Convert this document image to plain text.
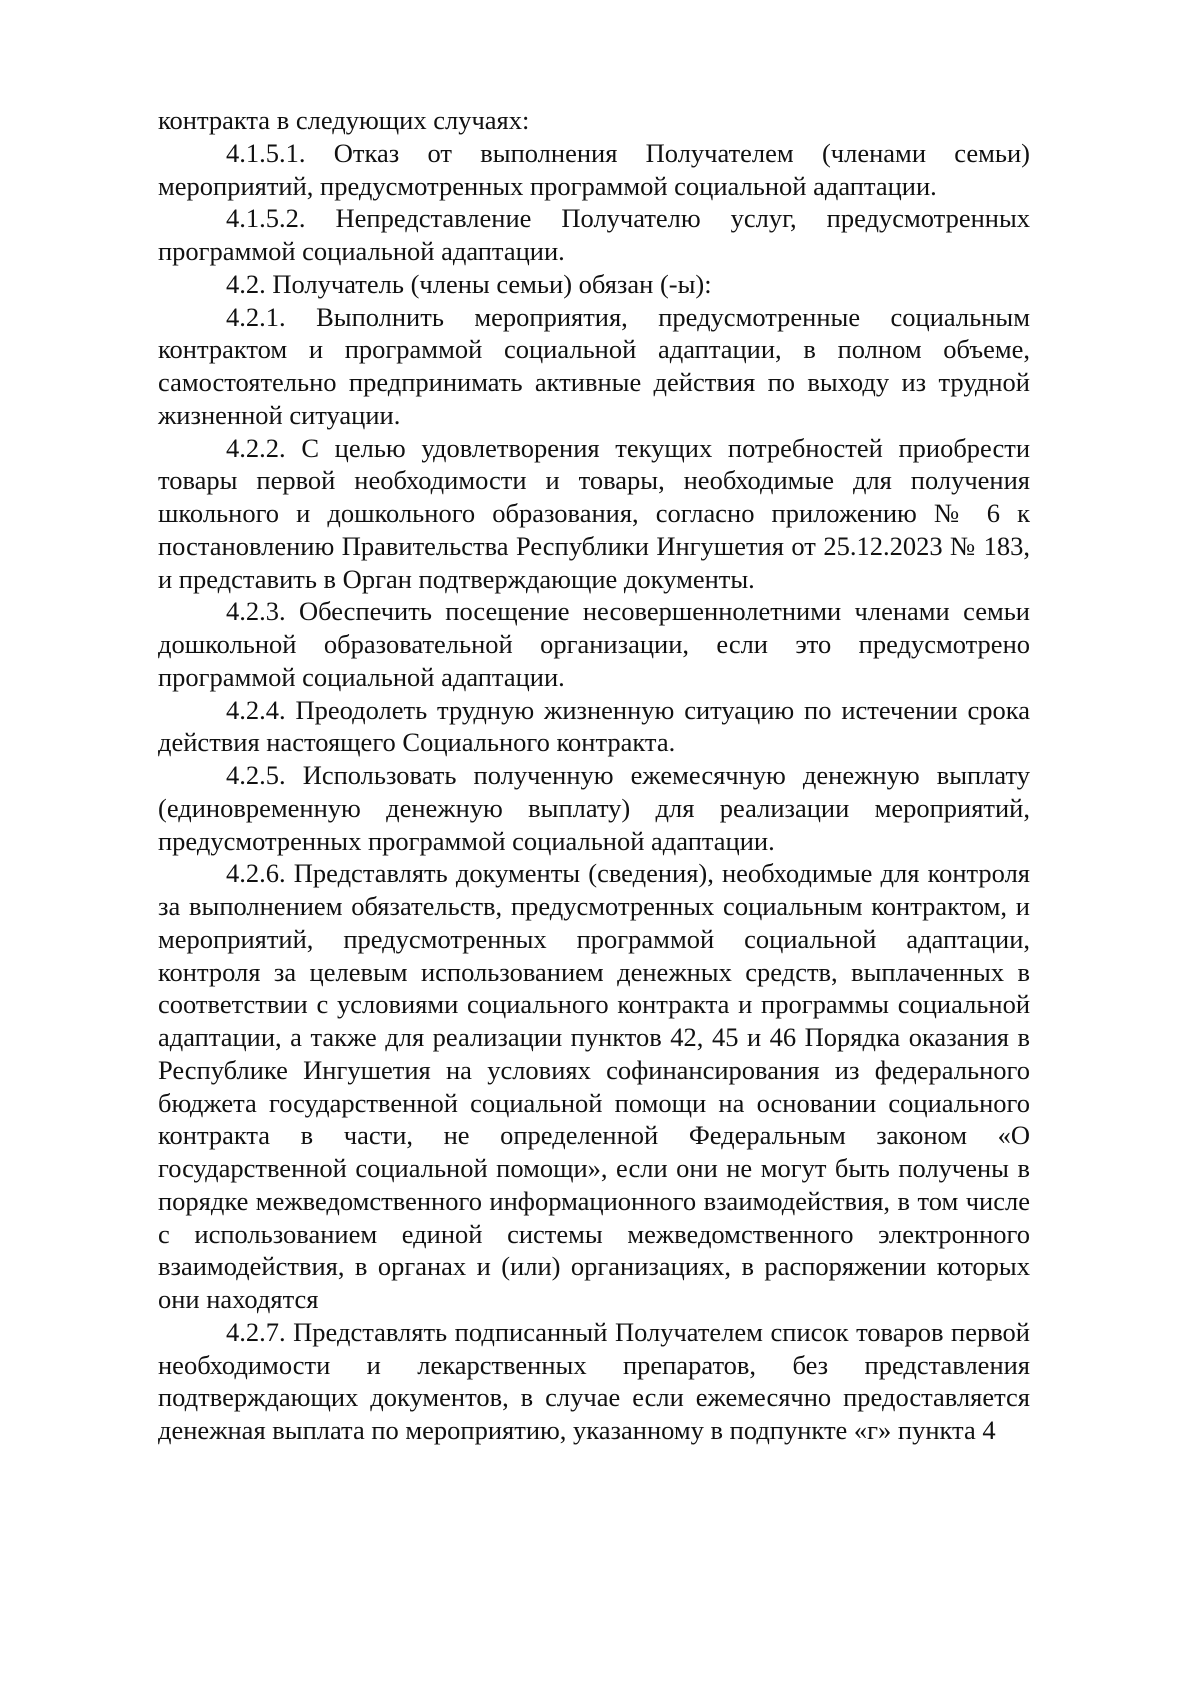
контракта в следующих случаях:

4.1.5.1. Отказ от выполнения Получателем (членами семьи) мероприятий, предусмотренных программой социальной адаптации.

4.1.5.2. Непредставление Получателю услуг, предусмотренных программой социальной адаптации.

4.2. Получатель (члены семьи) обязан (-ы):

4.2.1. Выполнить мероприятия, предусмотренные социальным контрактом и программой социальной адаптации, в полном объеме, самостоятельно предпринимать активные действия по выходу из трудной жизненной ситуации.

4.2.2. С целью удовлетворения текущих потребностей приобрести товары первой необходимости и товары, необходимые для получения школьного и дошкольного образования, согласно приложению № 6 к постановлению Правительства Республики Ингушетия от 25.12.2023 № 183, и представить в Орган подтверждающие документы.

4.2.3. Обеспечить посещение несовершеннолетними членами семьи дошкольной образовательной организации, если это предусмотрено программой социальной адаптации.

4.2.4. Преодолеть трудную жизненную ситуацию по истечении срока действия настоящего Социального контракта.

4.2.5. Использовать полученную ежемесячную денежную выплату (единовременную денежную выплату) для реализации мероприятий, предусмотренных программой социальной адаптации.

4.2.6. Представлять документы (сведения), необходимые для контроля за выполнением обязательств, предусмотренных социальным контрактом, и мероприятий, предусмотренных программой социальной адаптации, контроля за целевым использованием денежных средств, выплаченных в соответствии с условиями социального контракта и программы социальной адаптации, а также для реализации пунктов 42, 45 и 46 Порядка оказания в Республике Ингушетия на условиях софинансирования из федерального бюджета государственной социальной помощи на основании социального контракта в части, не определенной Федеральным законом «О государственной социальной помощи», если они не могут быть получены в порядке межведомственного информационного взаимодействия, в том числе с использованием единой системы межведомственного электронного взаимодействия, в органах и (или) организациях, в распоряжении которых они находятся

4.2.7. Представлять подписанный Получателем список товаров первой необходимости и лекарственных препаратов, без представления подтверждающих документов, в случае если ежемесячно предоставляется денежная выплата по мероприятию, указанному в подпункте «г» пункта 4
